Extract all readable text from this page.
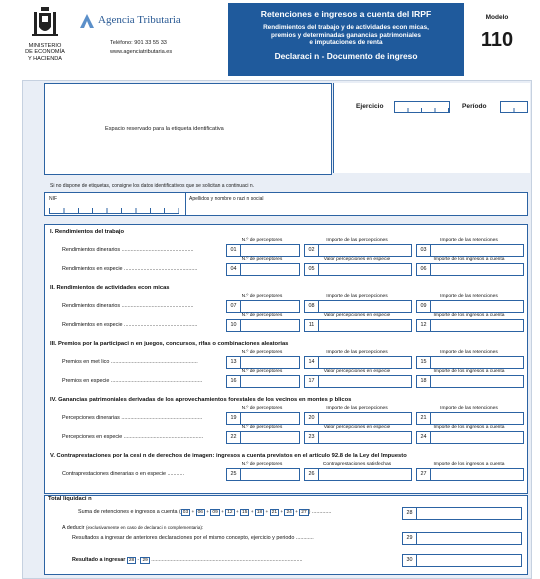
MINISTERIO
DE ECONOMÍA
Y HACIENDA
Agencia Tributaria
Teléfono: 901 33 55 33
www.agenciatributaria.es
Retenciones e ingresos a cuenta del IRPF
Rendimientos del trabajo y de actividades econ micas,
premios y determinadas ganancias patrimoniales
e imputaciones de renta
Declaraci n - Documento de ingreso
Modelo
110
Espacio reservado para la etiqueta identificativa
Ejercicio	Período
Si no dispone de etiquetas, consigne los datos identificativos que se solicitan a continuaci n.
NIF	Apellidos y nombre o razi n social
I. Rendimientos del trabajo
N.º de perceptores	Importe de las percepciones	Importe de las retenciones
Rendimientos dinerarios ................................................	01	02	03
N.º de perceptores	Valor percepciones en especie	Importe de los ingresos a cuenta
Rendimientos en especie .................................................	04	05	06
II. Rendimientos de actividades econ micas
N.º de perceptores	Importe de las percepciones	Importe de las retenciones
Rendimientos dinerarios ................................................	07	08	09
N.º de perceptores	Valor percepciones en especie	Importe de los ingresos a cuenta
Rendimientos en especie .................................................	10	11	12
III. Premios por la participaci n en juegos, concursos, rifas o combinaciones aleatorias
N.º de perceptores	Importe de las percepciones	Importe de las retenciones
Premios en met lico ..........................................................	13	14	15
N.º de perceptores	Valor percepciones en especie	Importe de los ingresos a cuenta
Premios en especie .............................................................	16	17	18
IV. Ganancias patrimoniales derivadas de los aprovechamientos forestales de los vecinos en montes p blicos
N.º de perceptores	Importe de las percepciones	Importe de las retenciones
Percepciones dinerarias ......................................................	19	20	21
N.º de perceptores	Valor percepciones en especie	Importe de los ingresos a cuenta
Percepciones en especie .....................................................	22	23	24
V. Contraprestaciones por la cesi n de derechos de imagen: ingresos a cuenta previstos en el artículo 92.8 de la Ley del Impuesto
N.º de perceptores	Contraprestaciones satisfechas	Importe de los ingresos a cuenta
Contraprestaciones dinerarias o en especie ...........	25	26	27
Total liquidaci n
Suma de retenciones e ingresos a cuenta ( 03 + 06 + 09 + 12 + 15 + 18 + 21 + 24 + 27 ) .............	28
A deducir (exclusivamente en caso de declaraci n complementaria):
Resultados a ingresar de anteriores declaraciones por el mismo concepto, ejercicio y periodo ............	29
Resultado a ingresar 28 - 29 .....................................................................................................	30
